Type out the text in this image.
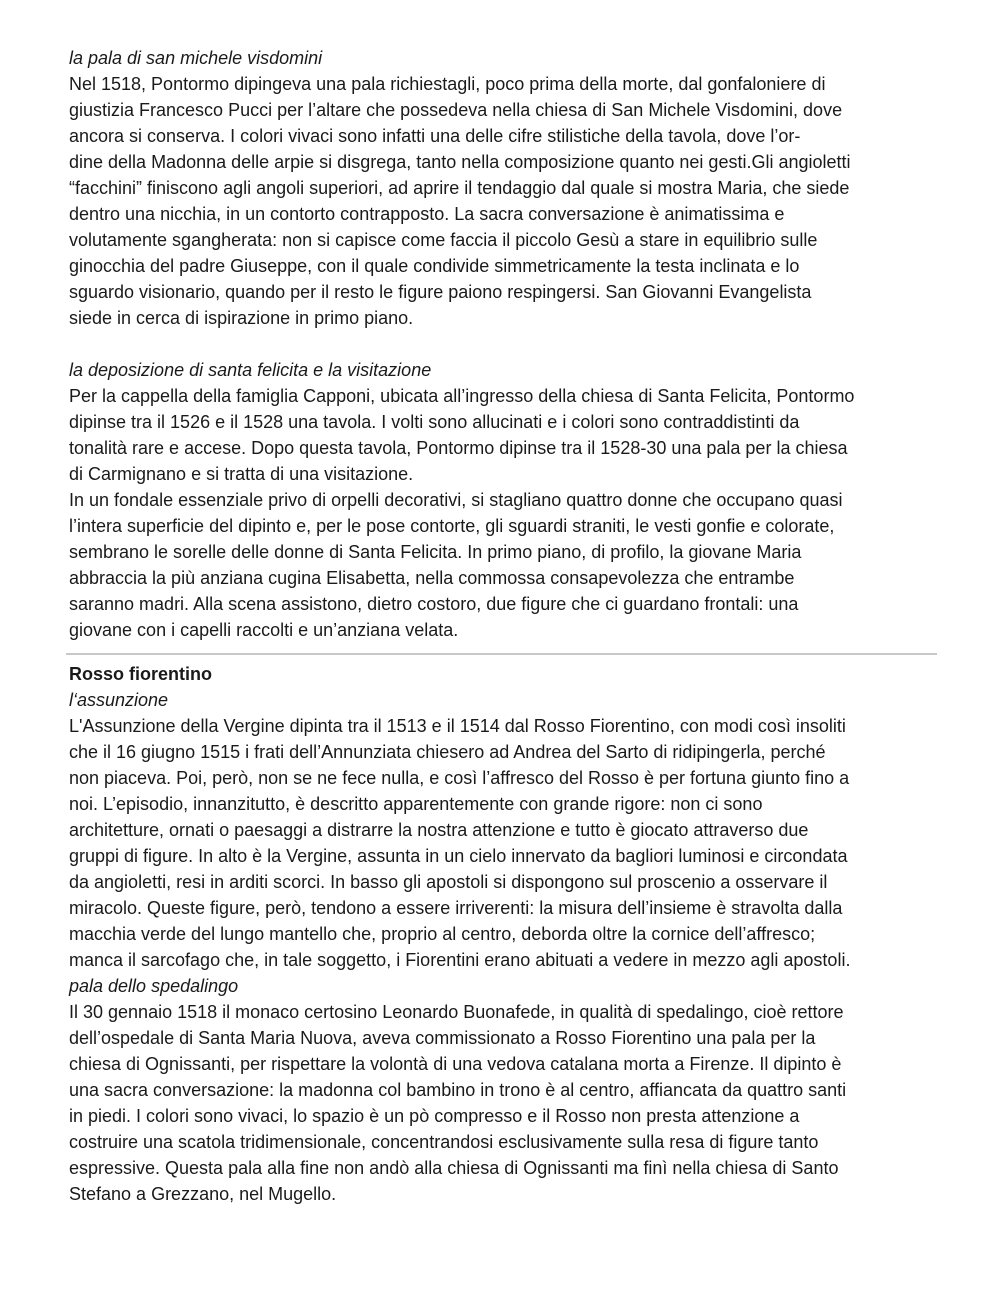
la pala di san michele visdomini

Nel 1518, Pontormo dipingeva una pala richiestagli, poco prima della morte, dal gonfaloniere di
giustizia Francesco Pucci per l’altare che possedeva nella chiesa di San Michele Visdomini, dove
ancora si conserva. I colori vivaci sono infatti una delle cifre stilistiche della tavola, dove l’or-
dine della Madonna delle arpie si disgrega, tanto nella composizione quanto nei gesti.Gli angioletti
“facchini” finiscono agli angoli superiori, ad aprire il tendaggio dal quale si mostra Maria, che siede
dentro una nicchia, in un contorto contrapposto. La sacra conversazione è animatissima e
volutamente sgangherata: non si capisce come faccia il piccolo Gesù a stare in equilibrio sulle
ginocchia del padre Giuseppe, con il quale condivide simmetricamente la testa inclinata e lo
sguardo visionario, quando per il resto le figure paiono respingersi. San Giovanni Evangelista
siede in cerca di ispirazione in primo piano.

la deposizione di santa felicita e la visitazione

Per la cappella della famiglia Capponi, ubicata all’ingresso della chiesa di Santa Felicita, Pontormo
dipinse tra il 1526 e il 1528 una tavola. I volti sono allucinati e i colori sono contraddistinti da
tonalità rare e accese. Dopo questa tavola, Pontormo dipinse tra il 1528-30 una pala per la chiesa
di Carmignano e si tratta di una visitazione.

In un fondale essenziale privo di orpelli decorativi, si stagliano quattro donne che occupano quasi
l’intera superficie del dipinto e, per le pose contorte, gli sguardi straniti, le vesti gonfie e colorate,
sembrano le sorelle delle donne di Santa Felicita. In primo piano, di profilo, la giovane Maria
abbraccia la più anziana cugina Elisabetta, nella commossa consapevolezza che entrambe
saranno madri. Alla scena assistono, dietro costoro, due figure che ci guardano frontali: una
giovane con i capelli raccolti e un’anziana velata.

Rosso fiorentino
l‘assunzione

L'Assunzione della Vergine dipinta tra il 1513 e il 1514 dal Rosso Fiorentino, con modi così insoliti
che il 16 giugno 1515 i frati dell’Annunziata chiesero ad Andrea del Sarto di ridipingerla, perché
non piaceva. Poi, però, non se ne fece nulla, e così l’affresco del Rosso è per fortuna giunto fino a
noi. L’episodio, innanzitutto, è descritto apparentemente con grande rigore: non ci sono
architetture, ornati o paesaggi a distrarre la nostra attenzione e tutto è giocato attraverso due
gruppi di figure. In alto è la Vergine, assunta in un cielo innervato da bagliori luminosi e circondata
da angioletti, resi in arditi scorci. In basso gli apostoli si dispongono sul proscenio a osservare il
miracolo. Queste figure, però, tendono a essere irriverenti: la misura dell’insieme è stravolta dalla
macchia verde del lungo mantello che, proprio al centro, deborda oltre la cornice dell’affresco;
manca il sarcofago che, in tale soggetto, i Fiorentini erano abituati a vedere in mezzo agli apostoli.

pala dello spedalingo

Il 30 gennaio 1518 il monaco certosino Leonardo Buonafede, in qualità di spedalingo, cioè rettore
dell’ospedale di Santa Maria Nuova, aveva commissionato a Rosso Fiorentino una pala per la
chiesa di Ognissanti, per rispettare la volontà di una vedova catalana morta a Firenze. Il dipinto è
una sacra conversazione: la madonna col bambino in trono è al centro, affiancata da quattro santi
in piedi. I colori sono vivaci, lo spazio è un pò compresso e il Rosso non presta attenzione a
costruire una scatola tridimensionale, concentrandosi esclusivamente sulla resa di figure tanto
espressive. Questa pala alla fine non andò alla chiesa di Ognissanti ma finì nella chiesa di Santo
Stefano a Grezzano, nel Mugello.
